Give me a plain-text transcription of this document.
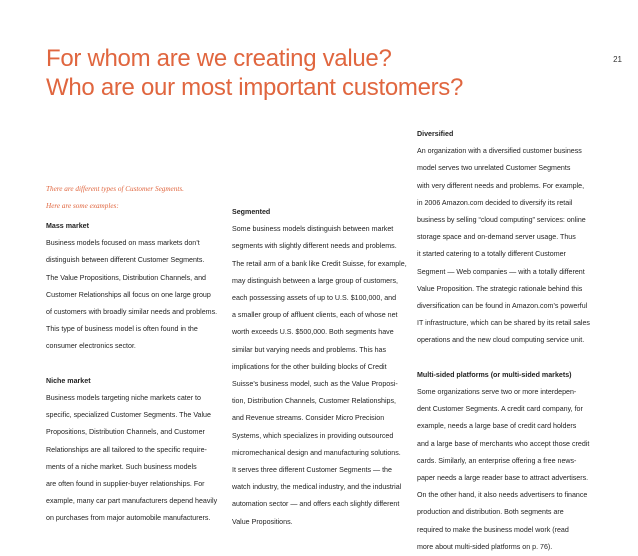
For whom are we creating value?
Who are our most important customers?
21
There are different types of Customer Segments.
Here are some examples:
Mass market
Business models focused on mass markets don’t
distinguish between different Customer Segments.
The Value Propositions, Distribution Channels, and
Customer Relationships all focus on one large group
of customers with broadly similar needs and problems.
This type of business model is often found in the
consumer electronics sector.
Niche market
Business models targeting niche markets cater to
specific, specialized Customer Segments. The Value
Propositions, Distribution Channels, and Customer
Relationships are all tailored to the specific require-
ments of a niche market. Such business models
are often found in supplier-buyer relationships. For
example, many car part manufacturers depend heavily
on purchases from major automobile manufacturers.
Segmented
Some business models distinguish between market
segments with slightly different needs and problems.
The retail arm of a bank like Credit Suisse, for example,
may distinguish between a large group of customers,
each possessing assets of up to U.S. $100,000, and
a smaller group of affluent clients, each of whose net
worth exceeds U.S. $500,000. Both segments have
similar but varying needs and problems. This has
implications for the other building blocks of Credit
Suisse’s business model, such as the Value Proposi-
tion, Distribution Channels, Customer Relationships,
and Revenue streams. Consider Micro Precision
Systems, which specializes in providing outsourced
micromechanical design and manufacturing solutions.
It serves three different Customer Segments — the
watch industry, the medical industry, and the industrial
automation sector — and offers each slightly different
Value Propositions.
Diversified
An organization with a diversified customer business
model serves two unrelated Customer Segments
with very different needs and problems. For example,
in 2006 Amazon.com decided to diversify its retail
business by selling “cloud computing” services: online
storage space and on-demand server usage. Thus
it started catering to a totally different Customer
Segment — Web companies — with a totally different
Value Proposition. The strategic rationale behind this
diversification can be found in Amazon.com’s powerful
IT infrastructure, which can be shared by its retail sales
operations and the new cloud computing service unit.
Multi-sided platforms (or multi-sided markets)
Some organizations serve two or more interdepen-
dent Customer Segments. A credit card company, for
example, needs a large base of credit card holders
and a large base of merchants who accept those credit
cards. Similarly, an enterprise offering a free news-
paper needs a large reader base to attract advertisers.
On the other hand, it also needs advertisers to finance
production and distribution. Both segments are
required to make the business model work (read
more about multi-sided platforms on p. 76).
